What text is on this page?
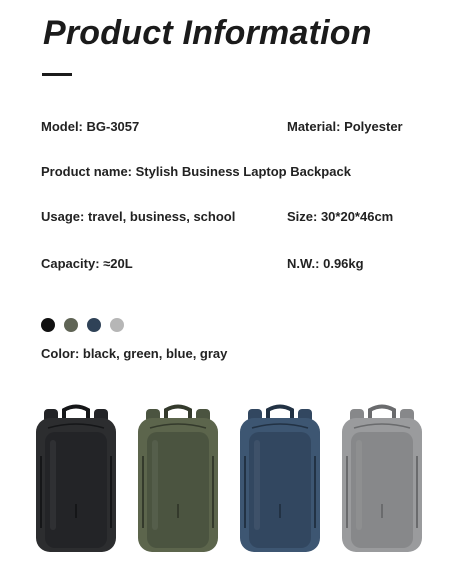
Product Information
Model: BG-3057	Material: Polyester
Product name: Stylish Business Laptop Backpack
Usage: travel, business, school	Size: 30*20*46cm
Capacity: ≈20L	N.W.: 0.96kg
Color: black, green, blue, gray
